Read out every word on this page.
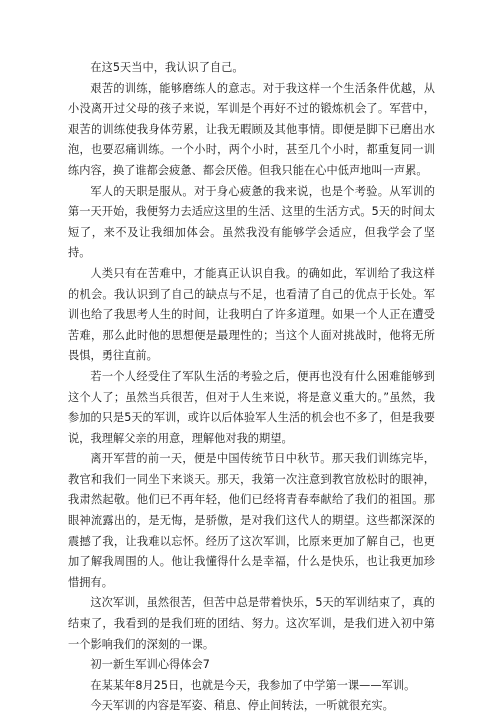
在这5天当中，我认识了自己。

艰苦的训练，能够磨练人的意志。对于我这样一个生活条件优越，从小没离开过父母的孩子来说，军训是个再好不过的锻炼机会了。军营中，艰苦的训练使我身体劳累，让我无暇顾及其他事情。即便是脚下已磨出水泡，也要忍痛训练。一个小时，两个小时，甚至几个小时，都重复同一训练内容，换了谁都会疲惫、都会厌倦。但我只能在心中低声地叫一声累。

军人的天职是服从。对于身心疲惫的我来说，也是个考验。从军训的第一天开始，我便努力去适应这里的生活、这里的生活方式。5天的时间太短了，来不及让我细加体会。虽然我没有能够学会适应，但我学会了坚持。

人类只有在苦难中，才能真正认识自我。的确如此，军训给了我这样的机会。我认识到了自己的缺点与不足，也看清了自己的优点于长处。军训也给了我思考人生的时间，让我明白了许多道理。如果一个人正在遭受苦难，那么此时他的思想便是最理性的；当这个人面对挑战时，他将无所畏惧，勇往直前。

若一个人经受住了军队生活的考验之后，便再也没有什么困难能够到这个人了；虽然当兵很苦，但对于人生来说，将是意义重大的。”虽然，我参加的只是5天的军训，或许以后体验军人生活的机会也不多了，但是我要说，我理解父亲的用意，理解他对我的期望。

离开军营的前一天，便是中国传统节日中秋节。那天我们训练完毕，教官和我们一同坐下来谈天。那天，我第一次注意到教官放松时的眼神，我肃然起敬。他们已不再年轻，他们已经将青春奉献给了我们的祖国。那眼神流露出的，是无悔，是骄傲，是对我们这代人的期望。这些都深深的震撼了我，让我难以忘怀。经历了这次军训，比原来更加了解自己，也更加了解我周围的人。他让我懂得什么是幸福，什么是快乐，也让我更加珍惜拥有。

这次军训，虽然很苦，但苦中总是带着快乐，5天的军训结束了，真的结束了，我看到的是我们班的团结、努力。这次军训，是我们进入初中第一个影响我们的深刻的一课。

初一新生军训心得体会7

在某某年8月25日，也就是今天，我参加了中学第一课——军训。

今天军训的内容是军姿、稍息、停止间转法，一听就很充实。
